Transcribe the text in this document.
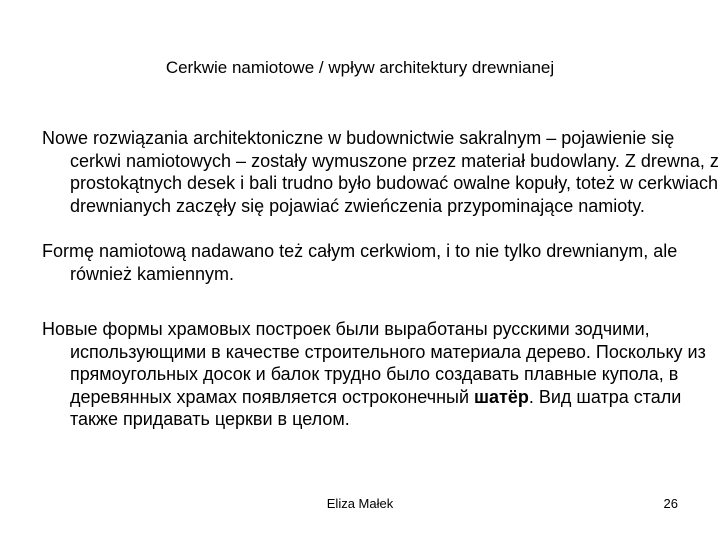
Cerkwie namiotowe / wpływ architektury drewnianej

Nowe rozwiązania architektoniczne w budownictwie sakralnym – pojawienie się cerkwi namiotowych – zostały wymuszone przez materiał budowlany. Z drewna, z prostokątnych desek i bali trudno było budować owalne kopuły, toteż w cerkwiach drewnianych zaczęły się pojawiać zwieńczenia przypominające namioty.

Formę namiotową nadawano też całym cerkwiom, i to nie tylko drewnianym, ale również kamiennym.

Новые формы храмовых построек были выработаны русскими зодчими, использующими в качестве строительного материала дерево. Поскольку из прямоугольных досок и балок трудно было создавать плавные купола, в деревянных храмах появляется остроконечный шатёр. Вид шатра стали также придавать церкви в целом.

Eliza Małek	26
